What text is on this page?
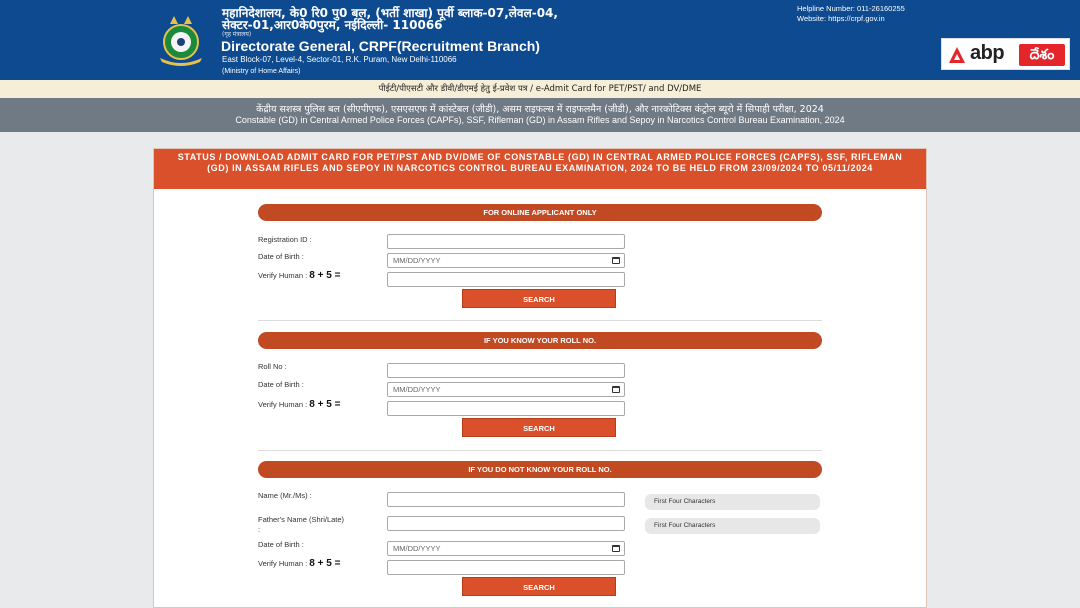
महानिदेशालय, के0 रि0 पु0 बल, (भर्ती शाखा) पूर्वी ब्लाक-07,लेवल-04,
सेक्टर-01,आर0के0पुरम, नईदिल्ली- 110066
(गृह मंत्रालय)
Directorate General, CRPF(Recruitment Branch)
East Block-07, Level-4, Sector-01, R.K. Puram, New Delhi-110066
(Ministry of Home Affairs)
Helpline Number: 011-26160255
Website: https://crpf.gov.in
abp	దేశం
पीईटी/पीएसटी और डीवी/डीएमई हेतु ई-प्रवेश पत्र / e-Admit Card for PET/PST/ and DV/DME
केंद्रीय सशस्त्र पुलिस बल (सीएपीएफ), एसएसएफ में कांस्टेबल (जीडी), असम राइफल्स में राइफलमैन (जीडी), और नारकोटिक्स कंट्रोल ब्यूरो में सिपाही परीक्षा, 2024
Constable (GD) in Central Armed Police Forces (CAPFs), SSF, Rifleman (GD) in Assam Rifles and Sepoy in Narcotics Control Bureau Examination, 2024
STATUS / DOWNLOAD ADMIT CARD FOR PET/PST AND DV/DME OF CONSTABLE (GD) IN CENTRAL ARMED POLICE FORCES (CAPFS), SSF, RIFLEMAN (GD) IN ASSAM RIFLES AND SEPOY IN NARCOTICS CONTROL BUREAU EXAMINATION, 2024 TO BE HELD FROM 23/09/2024 TO 05/11/2024
FOR ONLINE APPLICANT ONLY
Registration ID :
Date of Birth :	MM/DD/YYYY
Verify Human : 8 + 5 =
SEARCH
IF YOU KNOW YOUR ROLL NO.
Roll No :
Date of Birth :
MM/DD/YYYY
Verify Human : 8 + 5 =
SEARCH
IF YOU DO NOT KNOW YOUR ROLL NO.
Name (Mr./Ms) :
First Four Characters
Father's Name (Shri/Late)
:	First Four Characters
Date of Birth :	MM/DD/YYYY
Verify Human : 8 + 5 =
SEARCH
